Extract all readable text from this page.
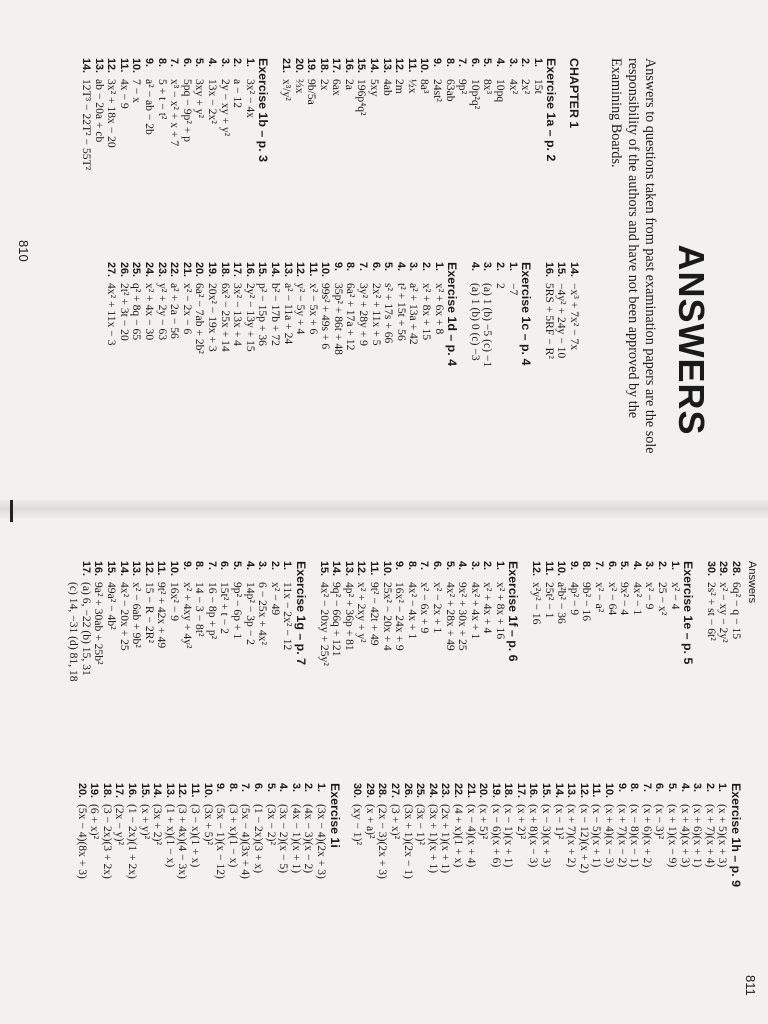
ANSWERS
Answers to questions taken from past examination papers are the sole responsibility of the authors and have not been approved by the Examining Boards.
CHAPTER 1
Exercise 1a – p. 2
1.15t
2.2x²
3.4x²
4.10pq
5.8x³
6.10p²q²
7.9p²
8.63ab
9.24st²
10.8a³
11.½x
12.2m
13.4ab
14.5xy
15.196p⁴q²
16.2a
17.6ax
18.2x
19.9b/5a
20.⅔x
21.x³/y²
Exercise 1b – p. 3
1.3x² − 4x
2.a − 12
3.2y − xy + y²
4.13x − 2x²
5.3xy + y²
6.5pq − 9p² + p
7.x³ − x² + x + 7
8.5 + t − t²
9.a² − ab − 2b
10.7 − x
11.4x − 9
12.3x² + 18x − 20
13.ab − 20a + cb
14.12T³ − 22T² − 55T²
14.−x³ + 7x² − 7x
15.−4y² + 24y − 10
16.5RS + 5RF − R²
Exercise 1c – p. 4
1.−7
2.2
3.(a) 1 (b) −5 (c) −1
4.(a) 1 (b) 0 (c) −3
Exercise 1d – p. 4
1.x² + 6x + 8
2.x² + 8x + 15
3.a² + 13a + 42
4.t² + 15t + 56
5.s² + 17s + 66
6.2x² + 11x + 5
7.3y² + 28y + 9
8.6a² + 17a + 12
9.35p² + 86t + 48
10.99s² + 49s + 6
11.x² − 5x + 6
12.y² − 5y + 4
13.a² − 11a + 24
14.b² − 17b + 72
15.p² − 15p + 36
16.2y² − 13y + 15
17.3x² − 13x + 4
18.6x² − 25x + 14
19.20x² − 19x + 3
20.6a² − 7ab + 2b²
21.x² − 2x − 6
22.a² + 2a − 56
23.y² + 2y − 63
24.x² + 4x − 30
25.q² + 8q − 65
26.2t² + 3t − 20
27.4x² + 11x − 3
810
Answers
28.6q² − q − 15
29.x² − xy − 2y²
30.2s² + st − 6t²
Exercise 1e – p. 5
1.x² − 4
2.25 − x²
3.x² − 9
4.4x² − 1
5.9x² − 4
6.x² − 64
7.x² − a²
8.9b² − 16
9.4p² − 9
10.a²b² − 36
11.25t² − 1
12.x²y² − 16
Exercise 1f – p. 6
1.x² + 8x + 16
2.x² + 4x + 4
3.4x² + 4x + 1
4.9x² + 30x + 25
5.4x² + 28x + 49
6.x² − 2x + 1
7.x² − 6x + 9
8.4x² − 4x + 1
9.16x² − 24x + 9
10.25x² − 20x + 4
11.9t² − 42t + 49
12.x² + 2xy + y²
13.4p² + 36p + 81
14.9q² − 66q + 121
15.4x² − 20xy + 25y²
Exercise 1g – p. 7
1.11x − 2x² − 12
2.x² − 49
3.6 − 25x + 4x²
4.14p² − 3p − 2
5.9p² − 6p + 1
6.15t² + t − 2
7.16 − 8p + p²
8.14 − 3 − 8t²
9.x² + 4xy + 4y²
10.16x² − 9
11.9t² + 42x + 49
12.15 − R − 2R²
13.x² − 6ab + 9b²
14.4x² − 20x + 25
15.49a² − 4b²
16.9a² + 30ab + 25b²
17.(a) 6, −22 (b) 15, 31
(c) 14, −31 (d) 81, 18
Exercise 1h – p. 9
1.(x + 5)(x + 3)
2.(x + 7)(x + 4)
3.(x + 6)(x + 1)
4.(x + 4)(x + 3)
5.(x + 1)(x − 9)
6.(x − 3)²
7.(x + 6)(x + 2)
8.(x − 8)(x − 1)
9.(x + 7)(x − 2)
10.(x + 4)(x − 3)
11.(x − 5)(x + 1)
12.(x − 12)(x + 2)
13.(x + 7)(x + 2)
14.(x − 1)²
15.(x − 3)(x + 3)
16.(x + 8)(x − 3)
17.(x + 2)²
18.(x − 1)(x + 1)
19.(x − 6)(x + 6)
20.(x + 5)²
21.(x − 4)(x + 4)
22.(4 + x)(1 + x)
23.(2x + 1)(x + 1)
24.(3x + 1)(x + 1)
25.(3x − 1)²
26.(3x + 1)(2x − 1)
27.(3 + x)²
28.(2x − 3)(2x + 3)
29.(x + a)²
30.(xy − 1)²
Exercise 1i
1.(3x − 4)(2x + 3)
2.(4x − 3)(x − 2)
3.(4x − 1)(x + 1)
4.(3x − 2)(x − 5)
5.(3x − 2)²
6.(1 − 2x)(3 + x)
7.(5x − 4)(3x + 4)
8.(3 + x)(1 − x)
9.(5x − 1)(x − 12)
10.(3x + 5)²
11.(3 − x)(1 + x)
12.(3 + 4x)(4 − 3x)
13.(1 + x)(1 − x)
14.(3x + 2)²
15.(x + y)²
16.(1 − 2x)(1 + 2x)
17.(2x − y)²
18.(3 − 2x)(3 + 2x)
19.(6 + x)²
20.(5x − 4)(8x + 3)
811
